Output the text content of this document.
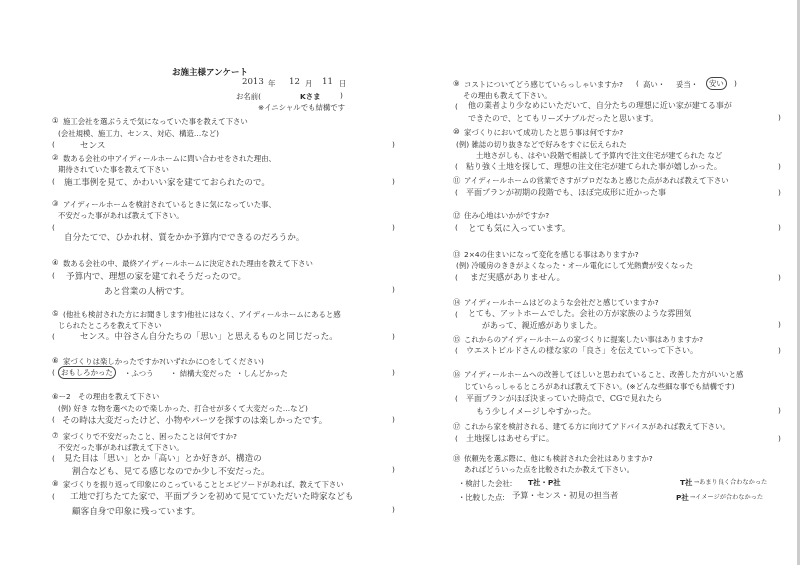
お施主様アンケート
2013 年 12 月 11 日
お名前(	Kさま	)
※イニシャルでも結構です
① 施工会社を選ぶうえで気になっていた事を教えて下さい
(会社規模、施工力、センス、対応、構造…など)
(	センス	)
② 数ある会社の中アイディールホームに問い合わせをされた理由、
期待されていた事を教えて下さい
( 施工事例を見て、かわいい家を建てておられたので。	)
③ アイディールホームを検討されているときに気になっていた事、
不安だった事があれば教えて下さい。
(
自分たてで、ひかれ材、質をかか予算内でできるのだろうか。
)
④ 数ある会社の中、最終アイディールホームに決定された理由を教えて下さい
( 予算内で、理想の家を建てれそうだったので。
あと営業の人柄です。	)
⑤ (他社も検討された方にお聞きします)他社にはなく、アイディールホームにあると感
じられたところを教えて下さい
(	センス。中谷さん自分たちの「思い」と思えるものと同じだった。	)
⑥ 家づくりは楽しかったですか?(いずれかに○をしてください)
( おもしろかった	・ふつう ・ 結構大変だった ・しんどかった	)
⑥ー2 その理由を教えて下さい
(例) 好き な物を選べたので楽しかった、打合せが多くて大変だった…など)
( その時は大変だったけど、小物やパーツを探すのは楽しかったです。	)
⑦ 家づくりで不安だったこと、困ったことは何ですか?
不安だった事があれば教えて下さい。
( 見た目は「思い」とか「高い」とか好きが、構造の
割合なども、見てる感じなのでか少し不安だった。	)
⑧ 家づくりを振り返って印象にのこっていることとエピソードがあれば、教えて下さい
( 工地で打ちたてた家で、平面プランを初めて見てていただいた時家なども
顧客自身で印象に残っています。	)
⑨ コストについてどう感じていらっしゃいますか? ( 高い・ 妥当・	安い	)
その理由も教えて下さい。
( 他の業者より少なめにいただいて、自分たちの理想に近い家が建てる事が
できたので、とてもリーズナブルだったと思います。	)
⑩ 家づくりにおいて成功したと思う事は何ですか?
(例) 雑誌の切り抜きなどで好みをすぐに伝えられた
土地さがしも、はやい段階で相談して予算内で注文住宅が建てられた など
( 粘り強く土地を探して、理想の注文住宅が建てられた事が嬉しかった。	)
⑪ アイディールホームの営業でさすがプロだなあと感じた点があれば教えて下さい
( 平面プランが初期の段階でも、ほぼ完成形に近かった事	)
⑫ 住み心地はいかがですか?
( とても気に入っています。	)
⑬ 2×4の住まいになって変化を感じる事はありますか?
(例) 冷暖房のききがよくなった・オール電化にして光熱費が安くなった
( まだ実感がありません。	)
⑭ アイディールホームはどのような会社だと感じていますか?
( とても、アットホームでした。会社の方が家族のような雰囲気
があって、親近感がありました。	)
⑮ これからのアイディールホームの家づくりに提案したい事はありますか?
( ウエストビルドさんの様な家の「良さ」を伝えていって下さい。	)
⑯ アイディールホームへの改善してほしいと思われていること、改善した方がいいと感
じていらっしゃるところがあれば教えて下さい。(※どんな些細な事でも結構です)
( 平面プランがほぼ決まっていた時点で、CGで見れたら
もう少しイメージしやすかった。	)
⑰ これから家を検討される、建てる方に向けてアドバイスがあれば教えて下さい。
( 土地探しはあせらずに。	)
⑱ 依頼先を選ぶ際に、他にも検討された会社はありますか?
あればどういった点を比較されたか教えて下さい。
・検討した会社: T社・P社
・比較した点: 予算・センス・初見の担当者
T社 →あまり良く合わなかった
P社 →イメージが合わなかった
